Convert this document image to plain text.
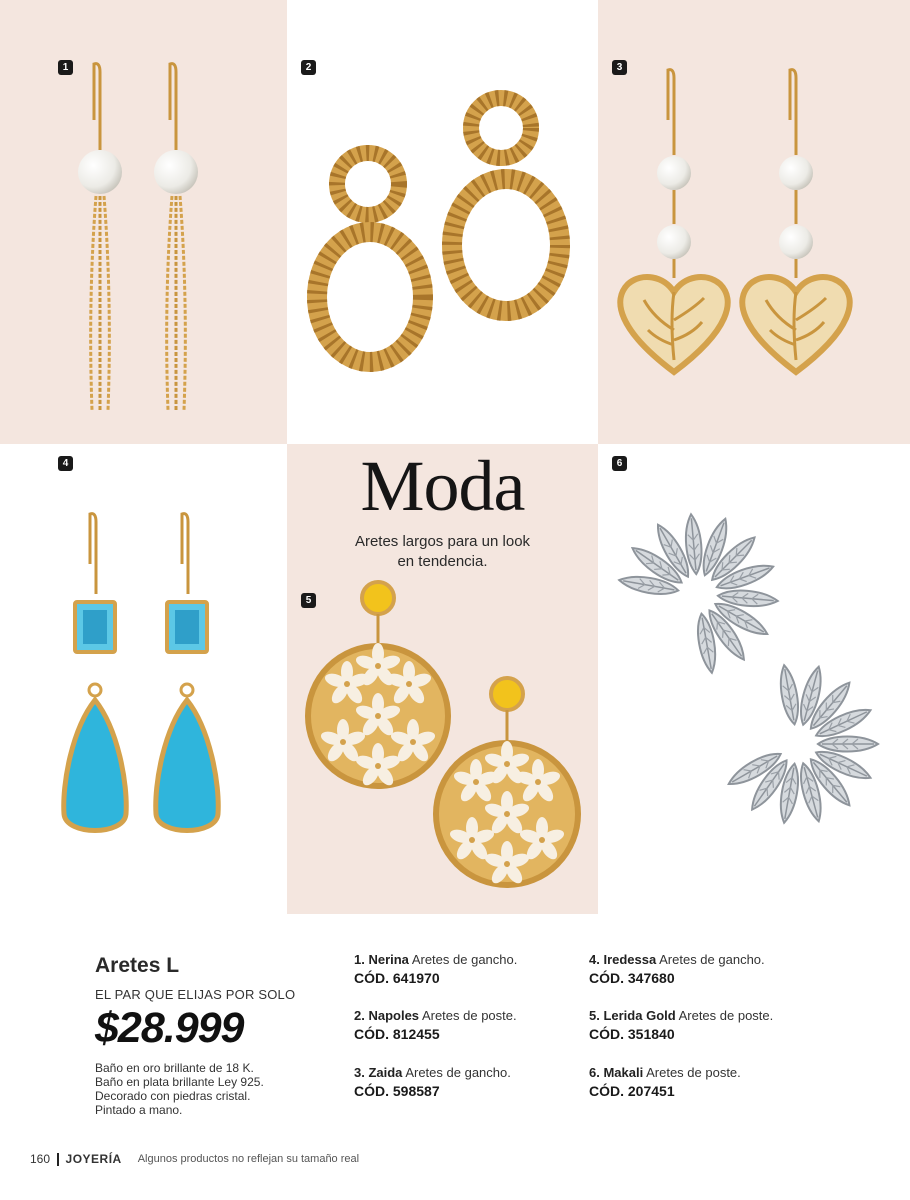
1	2	3
4	Moda
Aretes largos para un look
en tendencia.
5
6
Aretes L
EL PAR QUE ELIJAS POR SOLO
$28.999
Baño en oro brillante de 18 K.
Baño en plata brillante Ley 925.
Decorado con piedras cristal.
Pintado a mano.
1. Nerina Aretes de gancho.
CÓD. 641970
2. Napoles Aretes de poste.
CÓD. 812455
3. Zaida Aretes de gancho.
CÓD. 598587
4. Iredessa Aretes de gancho.
CÓD. 347680
5. Lerida Gold Aretes de poste.
CÓD. 351840
6. Makali Aretes de poste.
CÓD. 207451
160 JOYERÍA Algunos productos no reflejan su tamaño real
